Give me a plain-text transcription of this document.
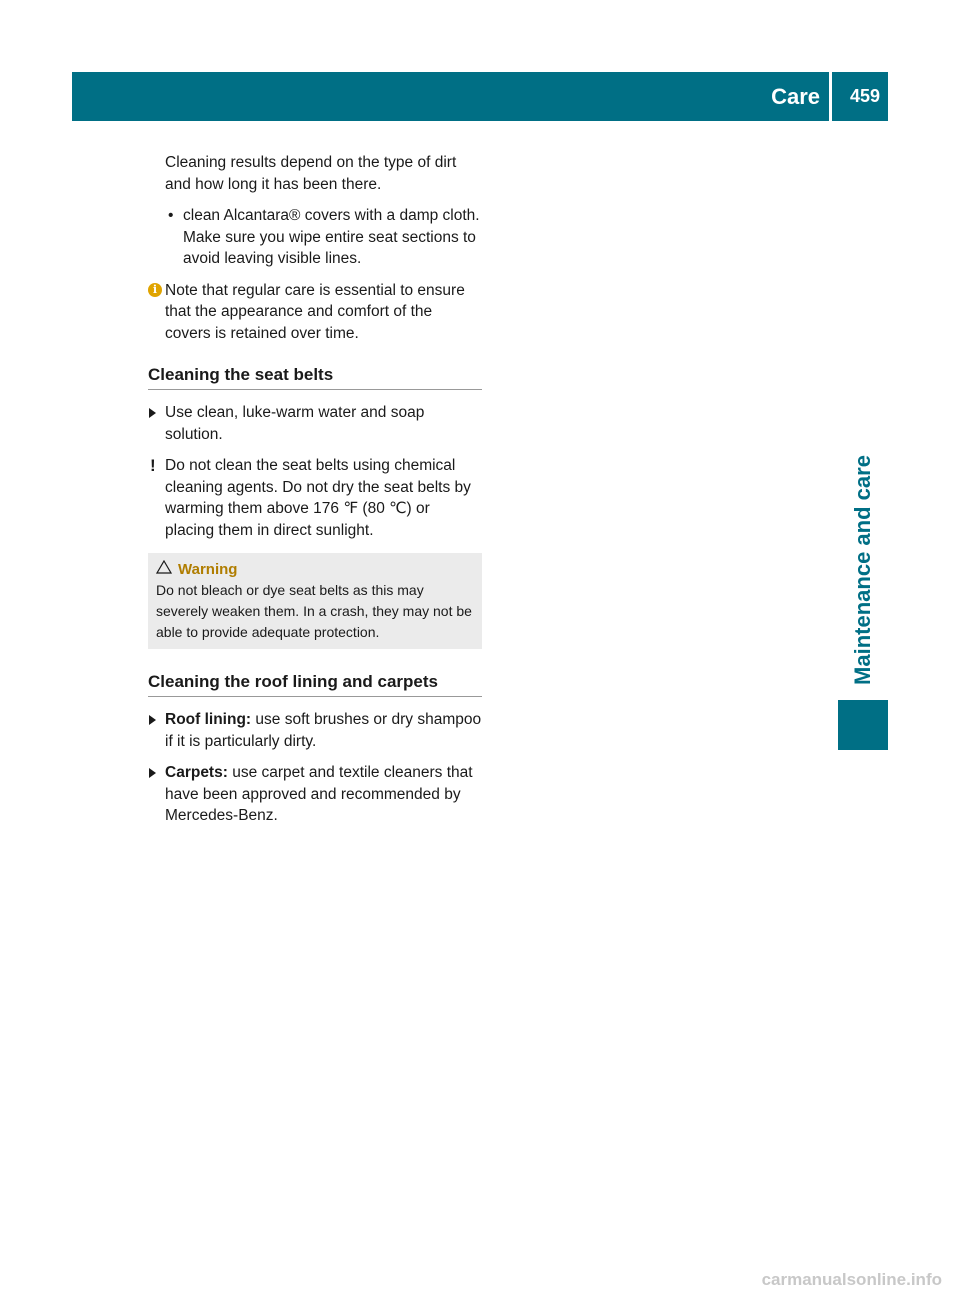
Care 459
Maintenance and care

Cleaning results depend on the type of dirt and how long it has been there.

• clean Alcantara® covers with a damp cloth. Make sure you wipe entire seat sections to avoid leaving visible lines.
i Note that regular care is essential to ensure that the appearance and comfort of the covers is retained over time.
Cleaning the seat belts
Use clean, luke-warm water and soap solution.
! Do not clean the seat belts using chemical cleaning agents. Do not dry the seat belts by warming them above 176 ℉ (80 ℃) or placing them in direct sunlight.
Warning
Do not bleach or dye seat belts as this may severely weaken them. In a crash, they may not be able to provide adequate protection.
Cleaning the roof lining and carpets
Roof lining: use soft brushes or dry shampoo if it is particularly dirty.
Carpets: use carpet and textile cleaners that have been approved and recommended by Mercedes-Benz.
carmanualsonline.info
